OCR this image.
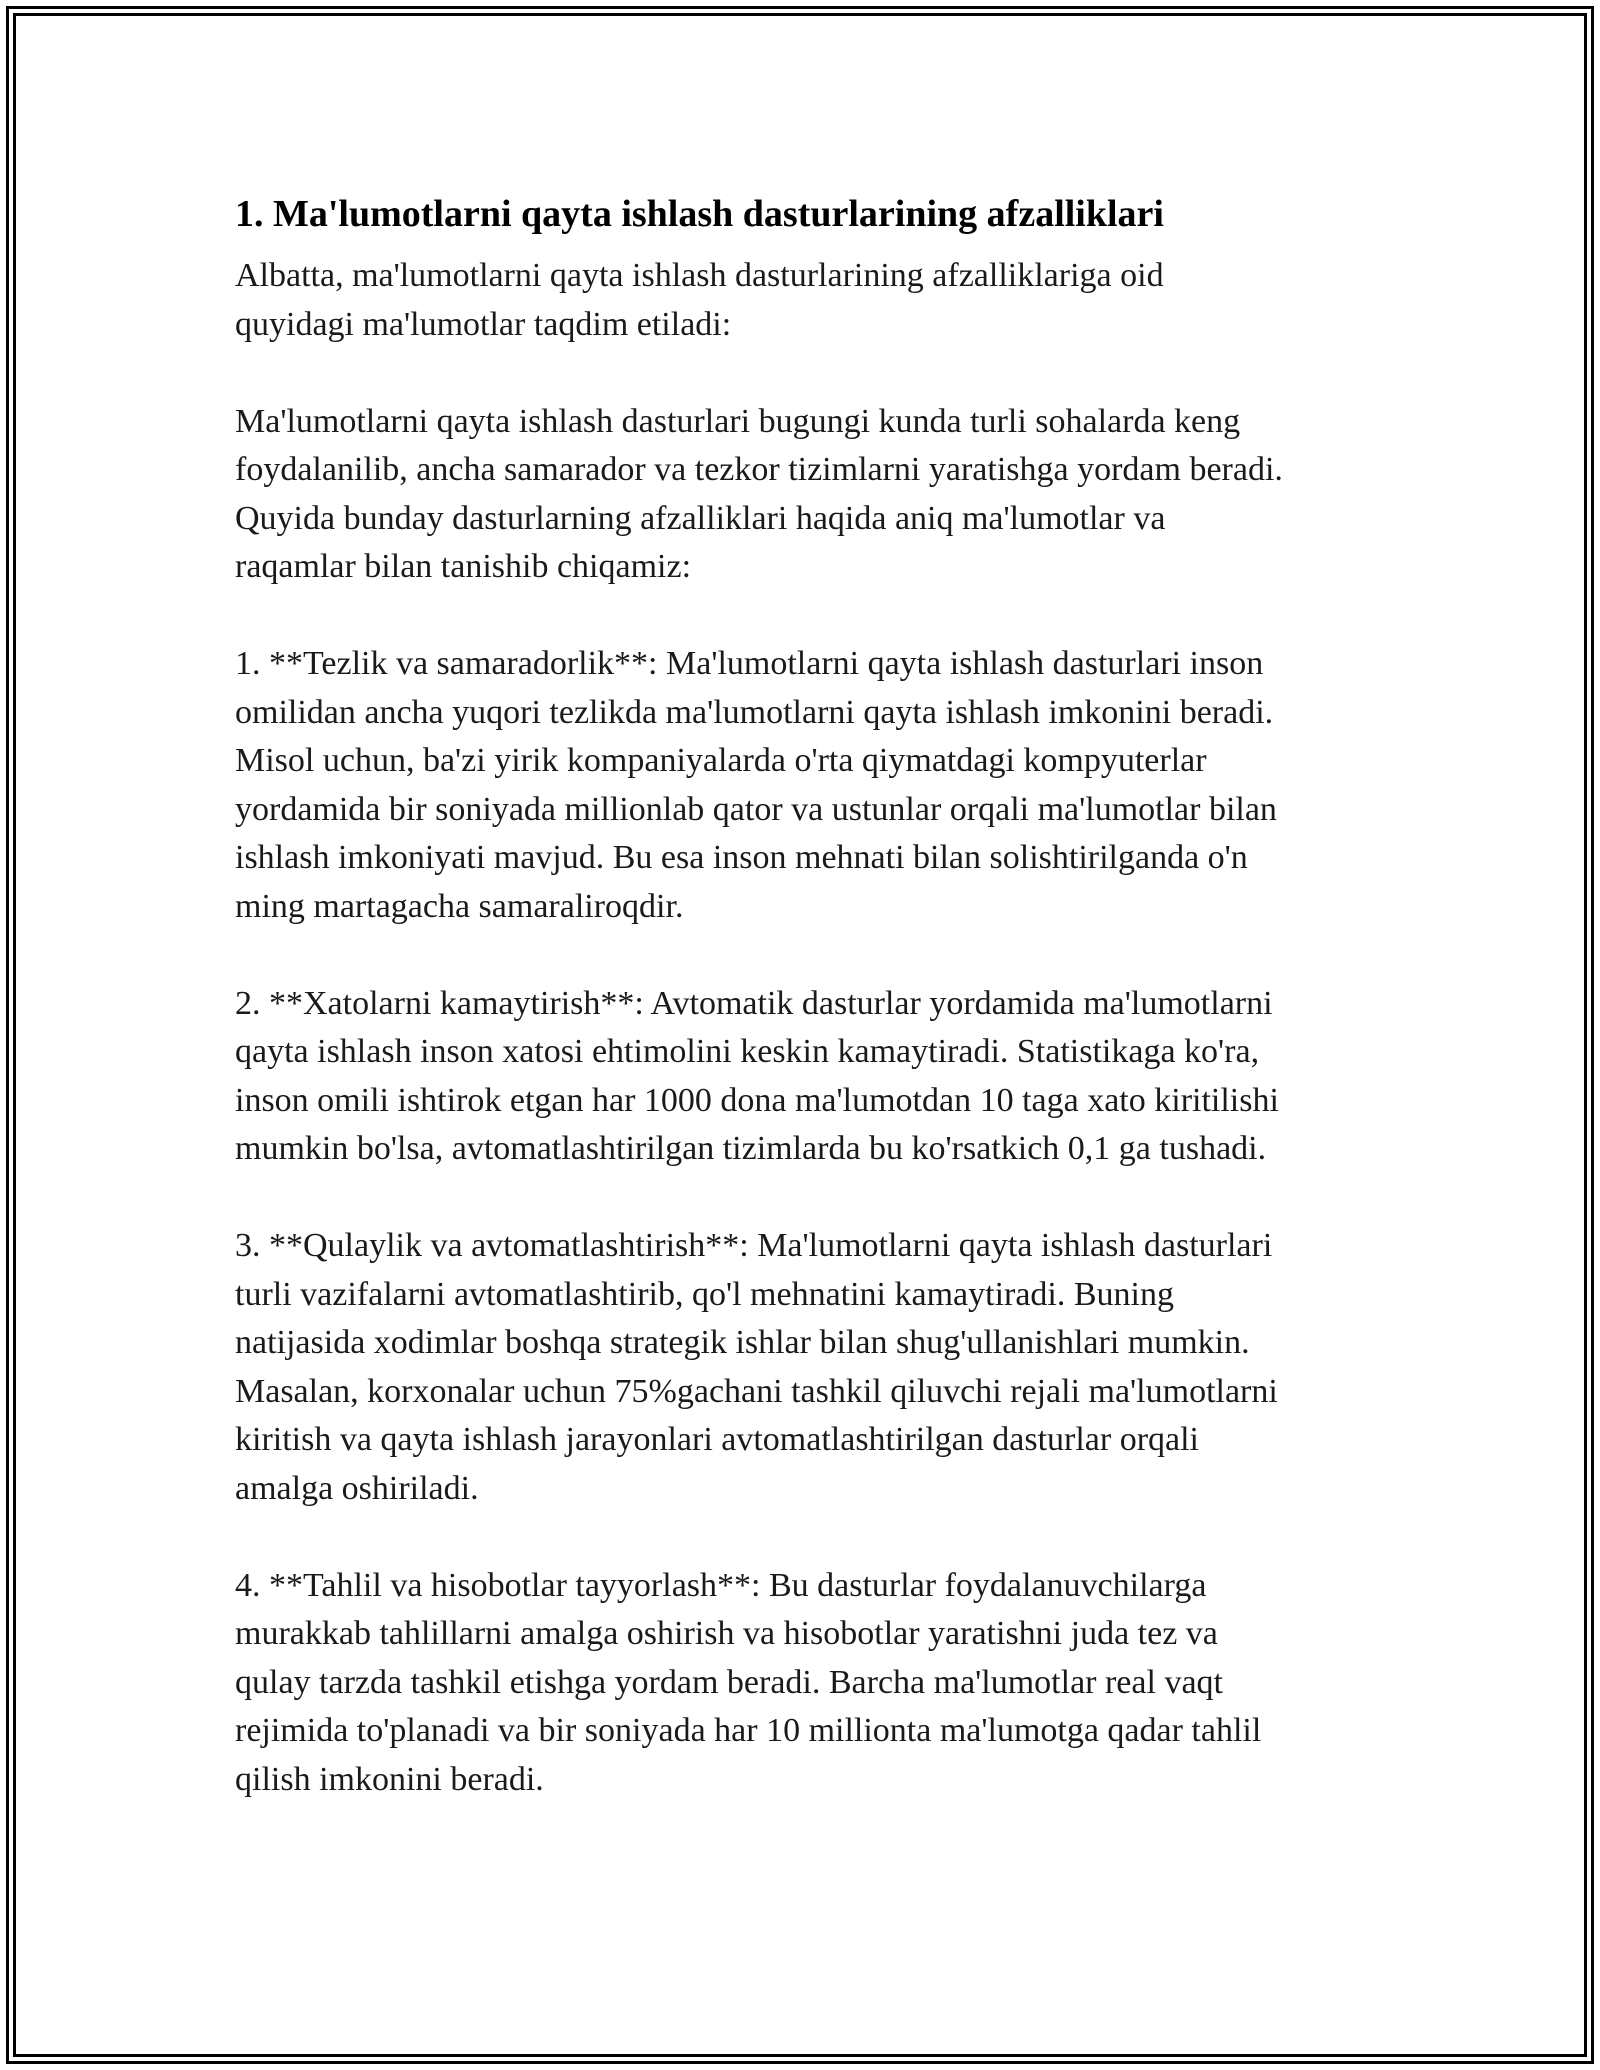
1. Ma'lumotlarni qayta ishlash dasturlarining afzalliklari

Albatta, ma'lumotlarni qayta ishlash dasturlarining afzalliklariga oid
quyidagi ma'lumotlar taqdim etiladi:

Ma'lumotlarni qayta ishlash dasturlari bugungi kunda turli sohalarda keng
foydalanilib, ancha samarador va tezkor tizimlarni yaratishga yordam beradi.
Quyida bunday dasturlarning afzalliklari haqida aniq ma'lumotlar va
raqamlar bilan tanishib chiqamiz:

1. **Tezlik va samaradorlik**: Ma'lumotlarni qayta ishlash dasturlari inson
omilidan ancha yuqori tezlikda ma'lumotlarni qayta ishlash imkonini beradi.
Misol uchun, ba'zi yirik kompaniyalarda o'rta qiymatdagi kompyuterlar
yordamida bir soniyada millionlab qator va ustunlar orqali ma'lumotlar bilan
ishlash imkoniyati mavjud. Bu esa inson mehnati bilan solishtirilganda o'n
ming martagacha samaraliroqdir.

2. **Xatolarni kamaytirish**: Avtomatik dasturlar yordamida ma'lumotlarni
qayta ishlash inson xatosi ehtimolini keskin kamaytiradi. Statistikaga ko'ra,
inson omili ishtirok etgan har 1000 dona ma'lumotdan 10 taga xato kiritilishi
mumkin bo'lsa, avtomatlashtirilgan tizimlarda bu ko'rsatkich 0,1 ga tushadi.

3. **Qulaylik va avtomatlashtirish**: Ma'lumotlarni qayta ishlash dasturlari
turli vazifalarni avtomatlashtirib, qo'l mehnatini kamaytiradi. Buning
natijasida xodimlar boshqa strategik ishlar bilan shug'ullanishlari mumkin.
Masalan, korxonalar uchun 75%gachani tashkil qiluvchi rejali ma'lumotlarni
kiritish va qayta ishlash jarayonlari avtomatlashtirilgan dasturlar orqali
amalga oshiriladi.

4. **Tahlil va hisobotlar tayyorlash**: Bu dasturlar foydalanuvchilarga
murakkab tahlillarni amalga oshirish va hisobotlar yaratishni juda tez va
qulay tarzda tashkil etishga yordam beradi. Barcha ma'lumotlar real vaqt
rejimida to'planadi va bir soniyada har 10 millionta ma'lumotga qadar tahlil
qilish imkonini beradi.
